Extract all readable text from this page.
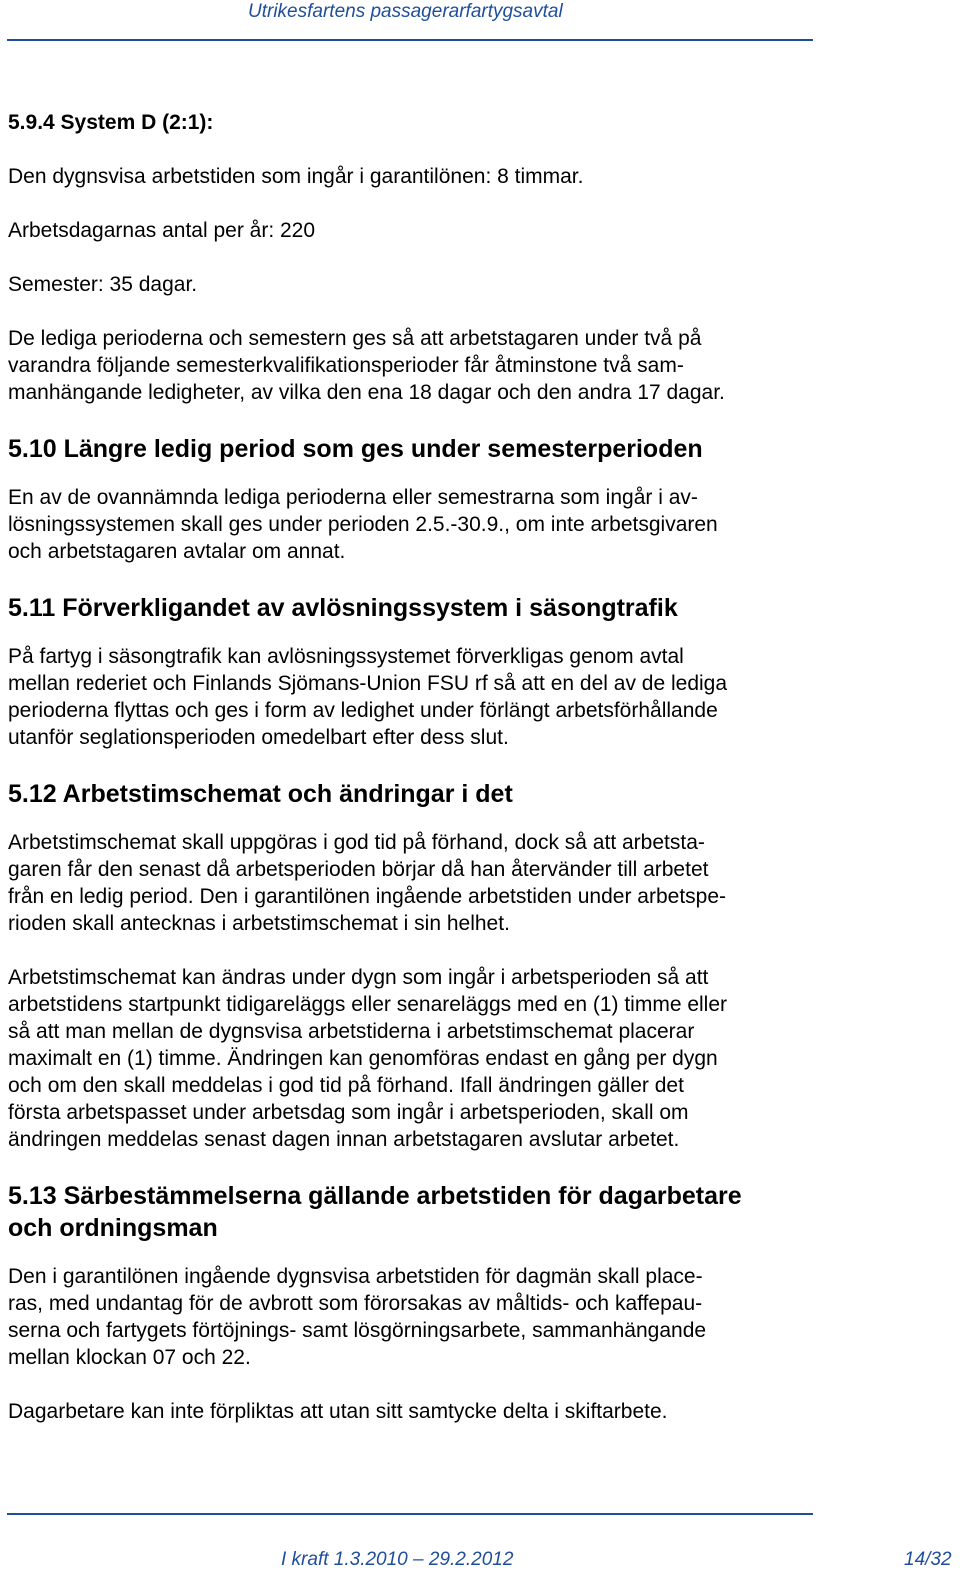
Utrikesfartens passagerarfartygsavtal
5.9.4 System D (2:1):
Den dygnsvisa arbetstiden som ingår i garantilönen: 8 timmar.
Arbetsdagarnas antal per år: 220
Semester: 35 dagar.
De lediga perioderna och semestern ges så att arbetstagaren under två på
varandra följande semesterkvalifikationsperioder får åtminstone två sam-
manhängande ledigheter, av vilka den ena 18 dagar och den andra 17 dagar.
5.10 Längre ledig period som ges under semesterperioden
En av de ovannämnda lediga perioderna eller semestrarna som ingår i av-
lösningssystemen skall ges under perioden 2.5.-30.9., om inte arbetsgivaren
och arbetstagaren avtalar om annat.
5.11 Förverkligandet av avlösningssystem i säsongtrafik
På fartyg i säsongtrafik kan avlösningssystemet förverkligas genom avtal
mellan rederiet och Finlands Sjömans-Union FSU rf så att en del av de lediga
perioderna flyttas och ges i form av ledighet under förlängt arbetsförhållande
utanför seglationsperioden omedelbart efter dess slut.
5.12 Arbetstimschemat och ändringar i det
Arbetstimschemat skall uppgöras i god tid på förhand, dock så att arbetsta-
garen får den senast då arbetsperioden börjar då han återvänder till arbetet
från en ledig period. Den i garantilönen ingående arbetstiden under arbetspe-
rioden skall antecknas i arbetstimschemat i sin helhet.
Arbetstimschemat kan ändras under dygn som ingår i arbetsperioden så att
arbetstidens startpunkt tidigareläggs eller senareläggs med en (1) timme eller
så att man mellan de dygnsvisa arbetstiderna i arbetstimschemat placerar
maximalt en (1) timme. Ändringen kan genomföras endast en gång per dygn
och om den skall meddelas i god tid på förhand. Ifall ändringen gäller det
första arbetspasset under arbetsdag som ingår i arbetsperioden, skall om
ändringen meddelas senast dagen innan arbetstagaren avslutar arbetet.
5.13 Särbestämmelserna gällande arbetstiden för dagarbetare
och ordningsman
Den i garantilönen ingående dygnsvisa arbetstiden för dagmän skall place-
ras, med undantag för de avbrott som förorsakas av måltids- och kaffepau-
serna och fartygets förtöjnings- samt lösgörningsarbete, sammanhängande
mellan klockan 07 och 22.
Dagarbetare kan inte förpliktas att utan sitt samtycke delta i skiftarbete.
I kraft 1.3.2010 – 29.2.2012	14/32
